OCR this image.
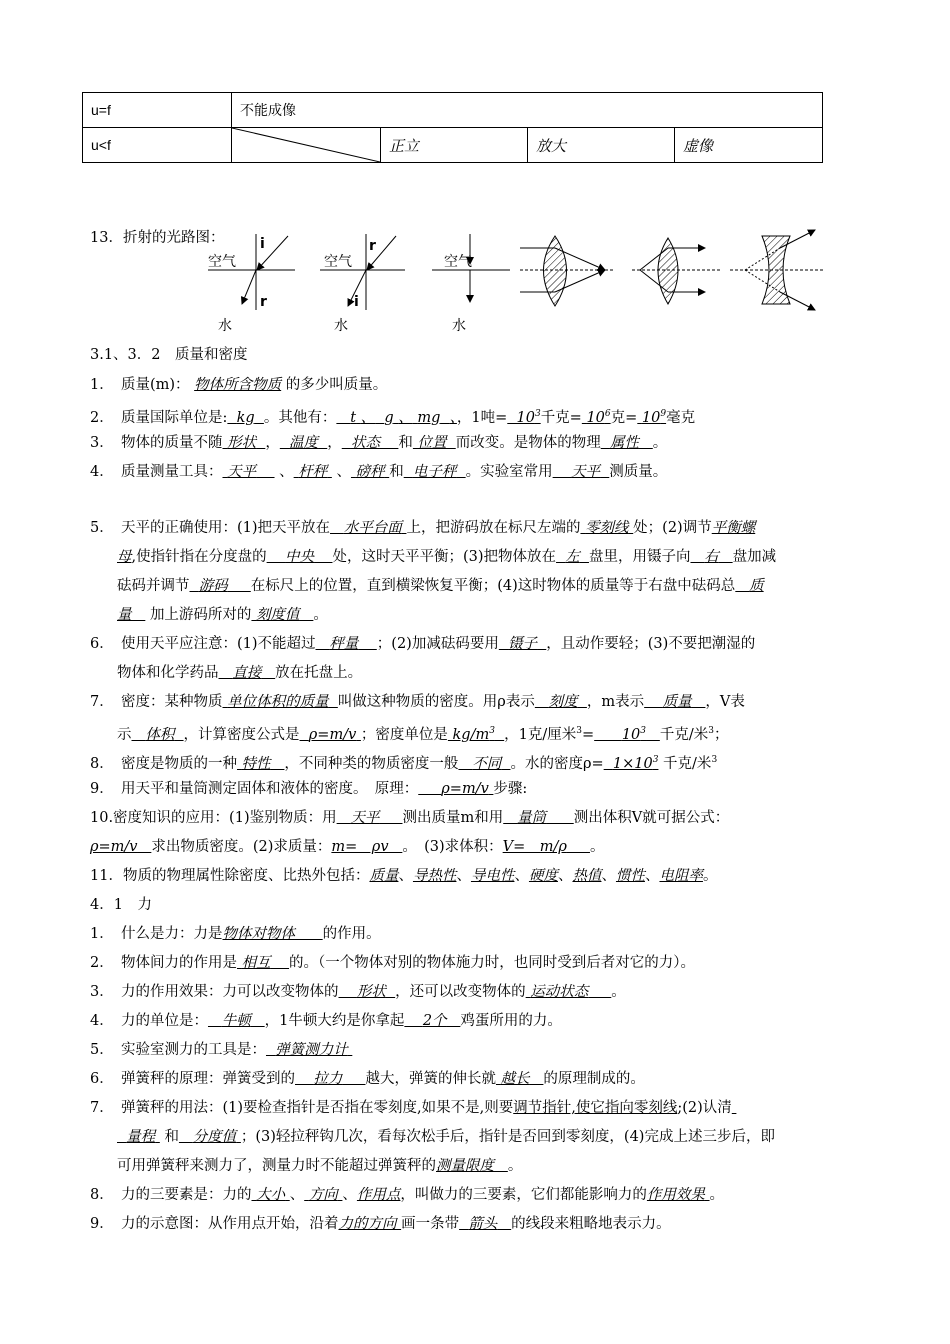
u=f	不能成像			
u<f		正立	放大	虚像
13．折射的光路图：
空气
i
r
水
空气
r
i
水
空气
水
3.1、3．2　质量和密度
1．　质量(m)： 物体所含物质 的多少叫质量。
2．　质量国际单位是: kg 。其他有： t 、 g 、 mg 、，1吨= $10^3$千克= $10^6$克= $10^9$毫克
3．　物体的质量不随 形状 ， 温度 ， 状态 和 位置 而改变。是物体的物理 属性 。
4．　质量测量工具： 天平     、 杆秤  、 磅秤 和 电子秤 。实验室常用 天平 测质量。
5．　天平的正确使用：(1)把天平放在 水平台面 上，把游码放在标尺左端的 零刻线 处；(2)调节平衡螺
母,使指针指在分度盘的 中央 处，这时天平平衡；(3)把物体放在 左 盘里，用镊子向 右 盘加减
砝码并调节 游码 在标尺上的位置，直到横梁恢复平衡；(4)这时物体的质量等于右盘中砝码总 质
量 加上游码所对的 刻度值 。
6．　使用天平应注意：(1)不能超过 秤量 ；(2)加减砝码要用 镊子 ，且动作要轻；(3)不要把潮湿的
物体和化学药品 直接 放在托盘上。
7．　密度：某种物质 单位体积的质量 叫做这种物质的密度。用ρ表示 刻度 ，m表示 质量 ，V表
示 体积 ，计算密度公式是 ρ=m/v ；密度单位是 $kg/m^3$ ，1克/厘米$^3= 10^3$ 千克/米$^3$；
8．　密度是物质的一种 特性 ，不同种类的物质密度一般 不同 。水的密度$\rho= 1\times 10^3$ 千克/米$^3$
9．　用天平和量筒测定固体和液体的密度。　原理： ρ=m/v 步骤:
10.密度知识的应用：(1)鉴别物质：用 天平 测出质量m和用 量筒 测出体积V就可据公式：
ρ=m/v 求出物质密度。(2)求质量：m=　ρv 。　(3)求体积：V=　m/ρ 。
11．物质的物理属性除密度、比热外包括：质量、导热性、导电性、硬度、热值、惯性、电阻率。
4．1　力
1．　什么是力：力是物体对物体 的作用。
2．　物体间力的作用是 相互 的。（一个物体对别的物体施力时，也同时受到后者对它的力）。
3．　力的作用效果：力可以改变物体的 形状 ，还可以改变物体的 运动状态 。
4．　力的单位是： 牛顿 ，1牛顿大约是你拿起 2个 鸡蛋所用的力。
5．　实验室测力的工具是： 弹簧测力计
6．　弹簧秤的原理：弹簧受到的 拉力 越大，弹簧的伸长就 越长 的原理制成的。
7．　弹簧秤的用法：(1)要检查指针是否指在零刻度,如果不是,则要调节指针,使它指向零刻线;(2)认清
量程 和 分度值 ；(3)轻拉秤钩几次，看每次松手后，指针是否回到零刻度，(4)完成上述三步后，即
可用弹簧秤来测力了，测量力时不能超过弹簧秤的测量限度 。
8．　力的三要素是：力的 大小 、 方向 、作用点，叫做力的三要素，它们都能影响力的作用效果 。
9．　力的示意图：从作用点开始，沿着力的方向 画一条带 箭头 的线段来粗略地表示力。
